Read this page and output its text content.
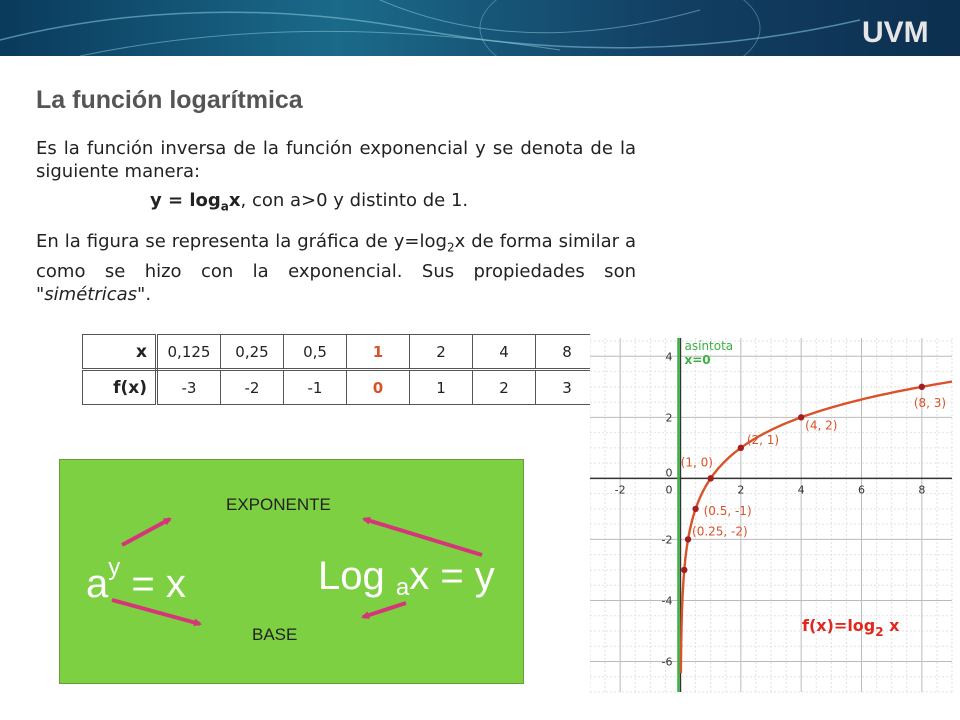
UVM
La función logarítmica
Es la función inversa de la función exponencial y se denota de la siguiente manera:
$y = \log_ax$, con a>0 y distinto de 1.
En la figura se representa la gráfica de $y=\log_2x$ de forma similar a como se hizo con la exponencial. Sus propiedades son "simétricas".
x	0,125	0,25	0,5	1	2	4	8
f(x)	-3	-2	-1	0	1	2	3
EXPONENTE
BASE
$a^y = x$	Log $_a$x = y
-2	2	4	6	8
0
-6
-4
-2
0
2
4
asíntota
x=0
(0.25, -2)
(0.5, -1)
(1, 0)
(2, 1)
(4, 2)
(8, 3)
$f(x)=\log_2$ x
